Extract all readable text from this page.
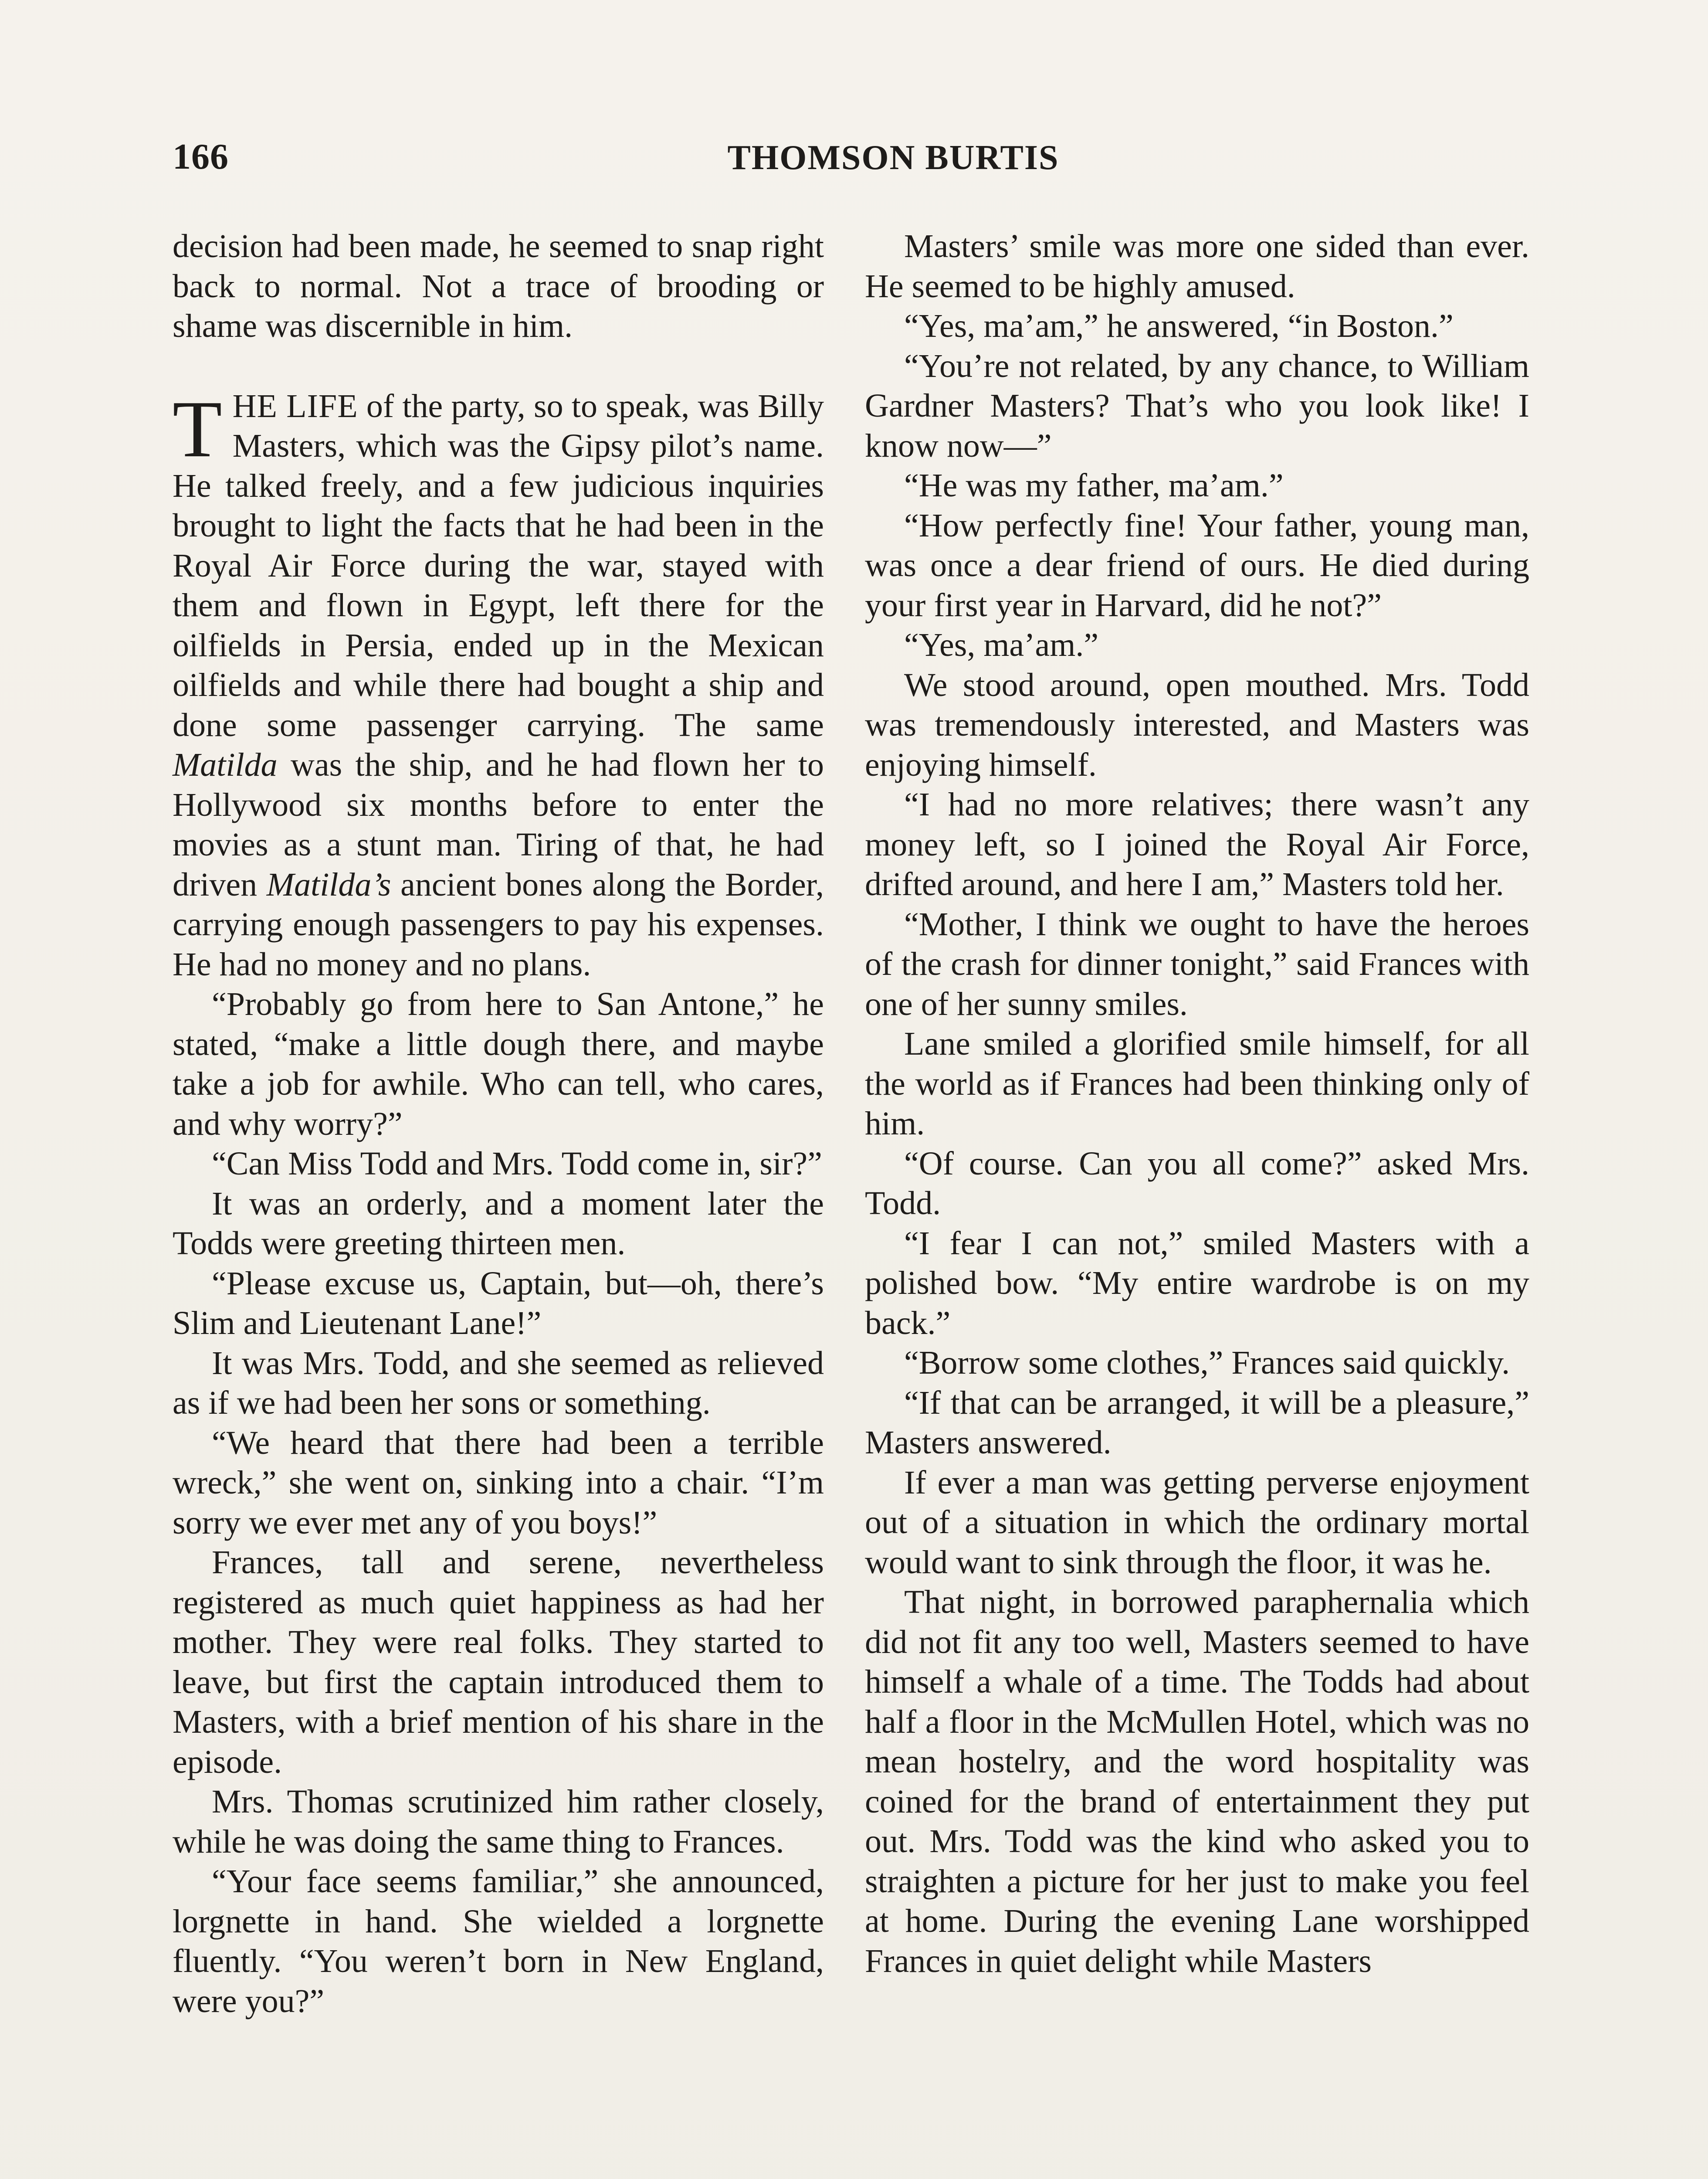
166	THOMSON BURTIS

decision had been made, he seemed to snap right back to normal. Not a trace of brooding or shame was discernible in him.

THE LIFE of the party, so to speak, was Billy Masters, which was the Gipsy pilot’s name. He talked freely, and a few judicious inquiries brought to light the facts that he had been in the Royal Air Force during the war, stayed with them and flown in Egypt, left there for the oilfields in Persia, ended up in the Mexican oilfields and while there had bought a ship and done some passenger carrying. The same Matilda was the ship, and he had flown her to Hollywood six months before to enter the movies as a stunt man. Tiring of that, he had driven Matilda’s ancient bones along the Border, carrying enough passengers to pay his expenses. He had no money and no plans.

“Probably go from here to San Antone,” he stated, “make a little dough there, and maybe take a job for awhile. Who can tell, who cares, and why worry?”

“Can Miss Todd and Mrs. Todd come in, sir?”

It was an orderly, and a moment later the Todds were greeting thirteen men.

“Please excuse us, Captain, but—oh, there’s Slim and Lieutenant Lane!”

It was Mrs. Todd, and she seemed as relieved as if we had been her sons or something.

“We heard that there had been a terrible wreck,” she went on, sinking into a chair. “I’m sorry we ever met any of you boys!”

Frances, tall and serene, nevertheless registered as much quiet happiness as had her mother. They were real folks. They started to leave, but first the captain introduced them to Masters, with a brief mention of his share in the episode.

Mrs. Thomas scrutinized him rather closely, while he was doing the same thing to Frances.

“Your face seems familiar,” she announced, lorgnette in hand. She wielded a lorgnette fluently. “You weren’t born in New England, were you?”

Masters’ smile was more one sided than ever. He seemed to be highly amused.

“Yes, ma’am,” he answered, “in Boston.”

“You’re not related, by any chance, to William Gardner Masters? That’s who you look like! I know now—”

“He was my father, ma’am.”

“How perfectly fine! Your father, young man, was once a dear friend of ours. He died during your first year in Harvard, did he not?”

“Yes, ma’am.”

We stood around, open mouthed. Mrs. Todd was tremendously interested, and Masters was enjoying himself.

“I had no more relatives; there wasn’t any money left, so I joined the Royal Air Force, drifted around, and here I am,” Masters told her.

“Mother, I think we ought to have the heroes of the crash for dinner tonight,” said Frances with one of her sunny smiles.

Lane smiled a glorified smile himself, for all the world as if Frances had been thinking only of him.

“Of course. Can you all come?” asked Mrs. Todd.

“I fear I can not,” smiled Masters with a polished bow. “My entire wardrobe is on my back.”

“Borrow some clothes,” Frances said quickly.

“If that can be arranged, it will be a pleasure,” Masters answered.

If ever a man was getting perverse enjoyment out of a situation in which the ordinary mortal would want to sink through the floor, it was he.

That night, in borrowed paraphernalia which did not fit any too well, Masters seemed to have himself a whale of a time. The Todds had about half a floor in the McMullen Hotel, which was no mean hostelry, and the word hospitality was coined for the brand of entertainment they put out. Mrs. Todd was the kind who asked you to straighten a picture for her just to make you feel at home. During the evening Lane worshipped Frances in quiet delight while Masters
